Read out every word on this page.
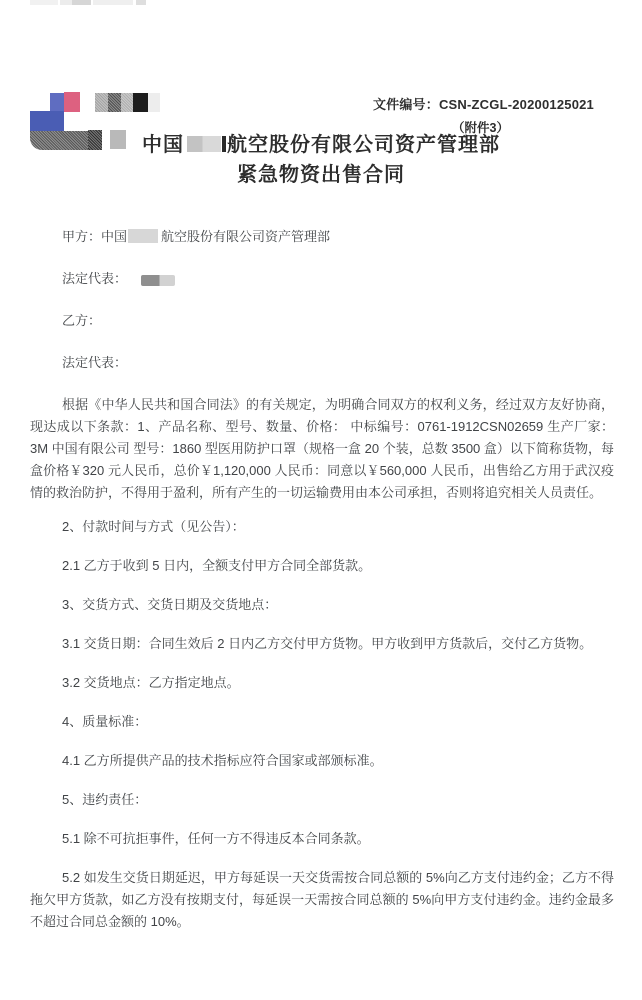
文件编号：CSN-ZCGL-20200125021
（附件3）
中国 航空股份有限公司资产管理部
紧急物资出售合同

甲方：中国	航空股份有限公司资产管理部

法定代表：

乙方：

法定代表：

根据《中华人民共和国合同法》的有关规定，为明确合同双方的权利义务，经过双方友好协商，现达成以下条款：1、产品名称、型号、数量、价格： 中标编号：0761-1912CSN02659 生产厂家：3M 中国有限公司 型号：1860 型医用防护口罩（规格一盒 20 个装，总数 3500 盒）以下简称货物，每盒价格￥320 元人民币，总价￥1,120,000 人民币：同意以￥560,000 人民币，出售给乙方用于武汉疫情的救治防护，不得用于盈利，所有产生的一切运输费用由本公司承担，否则将追究相关人员责任。

2、付款时间与方式（见公告）：

2.1 乙方于收到 5 日内，全额支付甲方合同全部货款。

3、交货方式、交货日期及交货地点：

3.1 交货日期：合同生效后 2 日内乙方交付甲方货物。甲方收到甲方货款后，交付乙方货物。

3.2 交货地点：乙方指定地点。

4、质量标准：

4.1 乙方所提供产品的技术指标应符合国家或部颁标准。

5、违约责任：

5.1 除不可抗拒事件，任何一方不得违反本合同条款。

5.2 如发生交货日期延迟，甲方每延误一天交货需按合同总额的 5%向乙方支付违约金；乙方不得拖欠甲方货款，如乙方没有按期支付，每延误一天需按合同总额的 5%向甲方支付违约金。违约金最多不超过合同总金额的 10%。
